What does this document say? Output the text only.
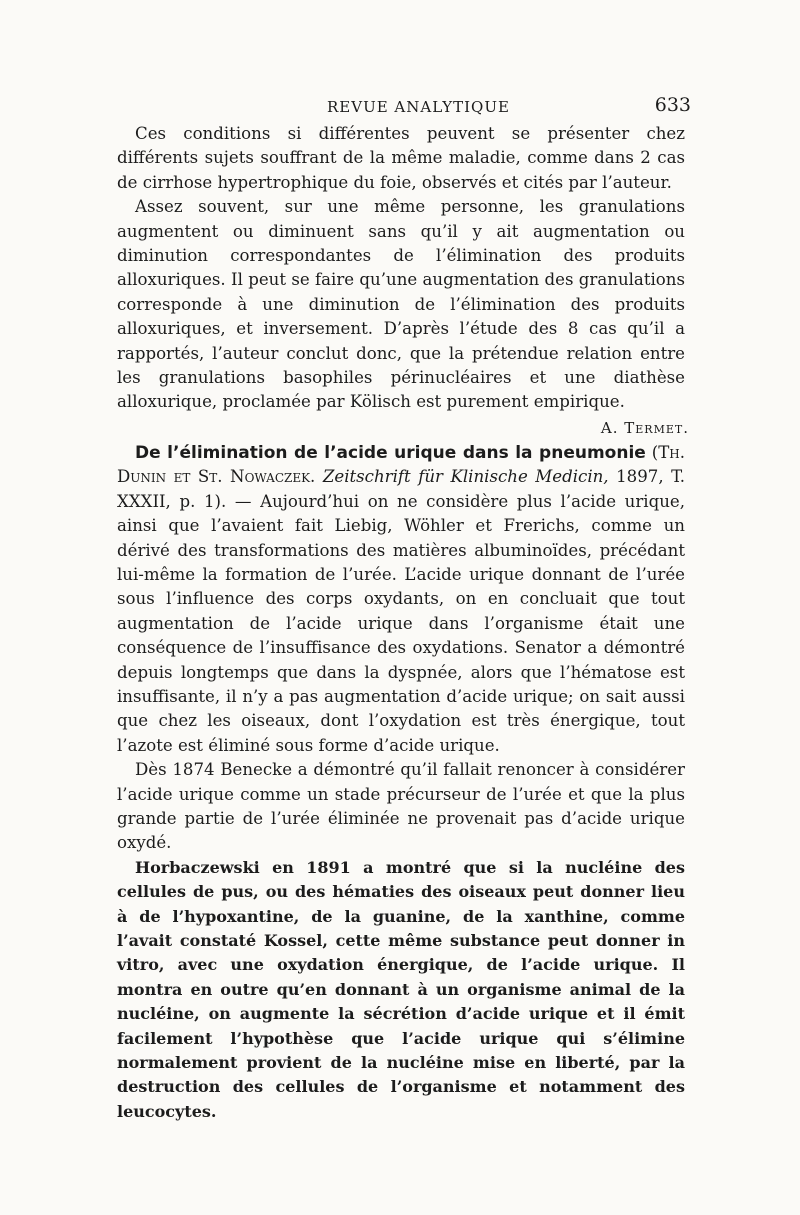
REVUE ANALYTIQUE	633

Ces conditions si différentes peuvent se présenter chez différents sujets souffrant de la même maladie, comme dans 2 cas de cirrhose hypertrophique du foie, observés et cités par l’auteur.

Assez souvent, sur une même personne, les granulations augmentent ou diminuent sans qu’il y ait augmentation ou diminution correspondantes de l’élimination des produits alloxuriques. Il peut se faire qu’une augmentation des granulations corresponde à une diminution de l’élimination des produits alloxuriques, et inversement. D’après l’étude des 8 cas qu’il a rapportés, l’auteur conclut donc, que la prétendue relation entre les granulations basophiles périnucléaires et une diathèse alloxurique, proclamée par Kölisch est purement empirique.

A. Termet.

De l’élimination de l’acide urique dans la pneumonie (Th. Dunin et St. Nowaczek. Zeitschrift für Klinische Medicin, 1897, T. XXXII, p. 1). — Aujourd’hui on ne considère plus l’acide urique, ainsi que l’avaient fait Liebig, Wöhler et Frerichs, comme un dérivé des transformations des matières albuminoïdes, précédant lui-même la formation de l’urée. L’acide urique donnant de l’urée sous l’influence des corps oxydants, on en concluait que tout augmentation de l’acide urique dans l’organisme était une conséquence de l’insuffisance des oxydations. Senator a démontré depuis longtemps que dans la dyspnée, alors que l’hématose est insuffisante, il n’y a pas augmentation d’acide urique; on sait aussi que chez les oiseaux, dont l’oxydation est très énergique, tout l’azote est éliminé sous forme d’acide urique.

Dès 1874 Benecke a démontré qu’il fallait renoncer à considérer l’acide urique comme un stade précurseur de l’urée et que la plus grande partie de l’urée éliminée ne provenait pas d’acide urique oxydé.

Horbaczewski en 1891 a montré que si la nucléine des cellules de pus, ou des hématies des oiseaux peut donner lieu à de l’hypoxantine, de la guanine, de la xanthine, comme l’avait constaté Kossel, cette même substance peut donner in vitro, avec une oxydation énergique, de l’acide urique. Il montra en outre qu’en donnant à un organisme animal de la nucléine, on augmente la sécrétion d’acide urique et il émit facilement l’hypothèse que l’acide urique qui s’élimine normalement provient de la nucléine mise en liberté, par la destruction des cellules de l’organisme et notamment des leucocytes.
